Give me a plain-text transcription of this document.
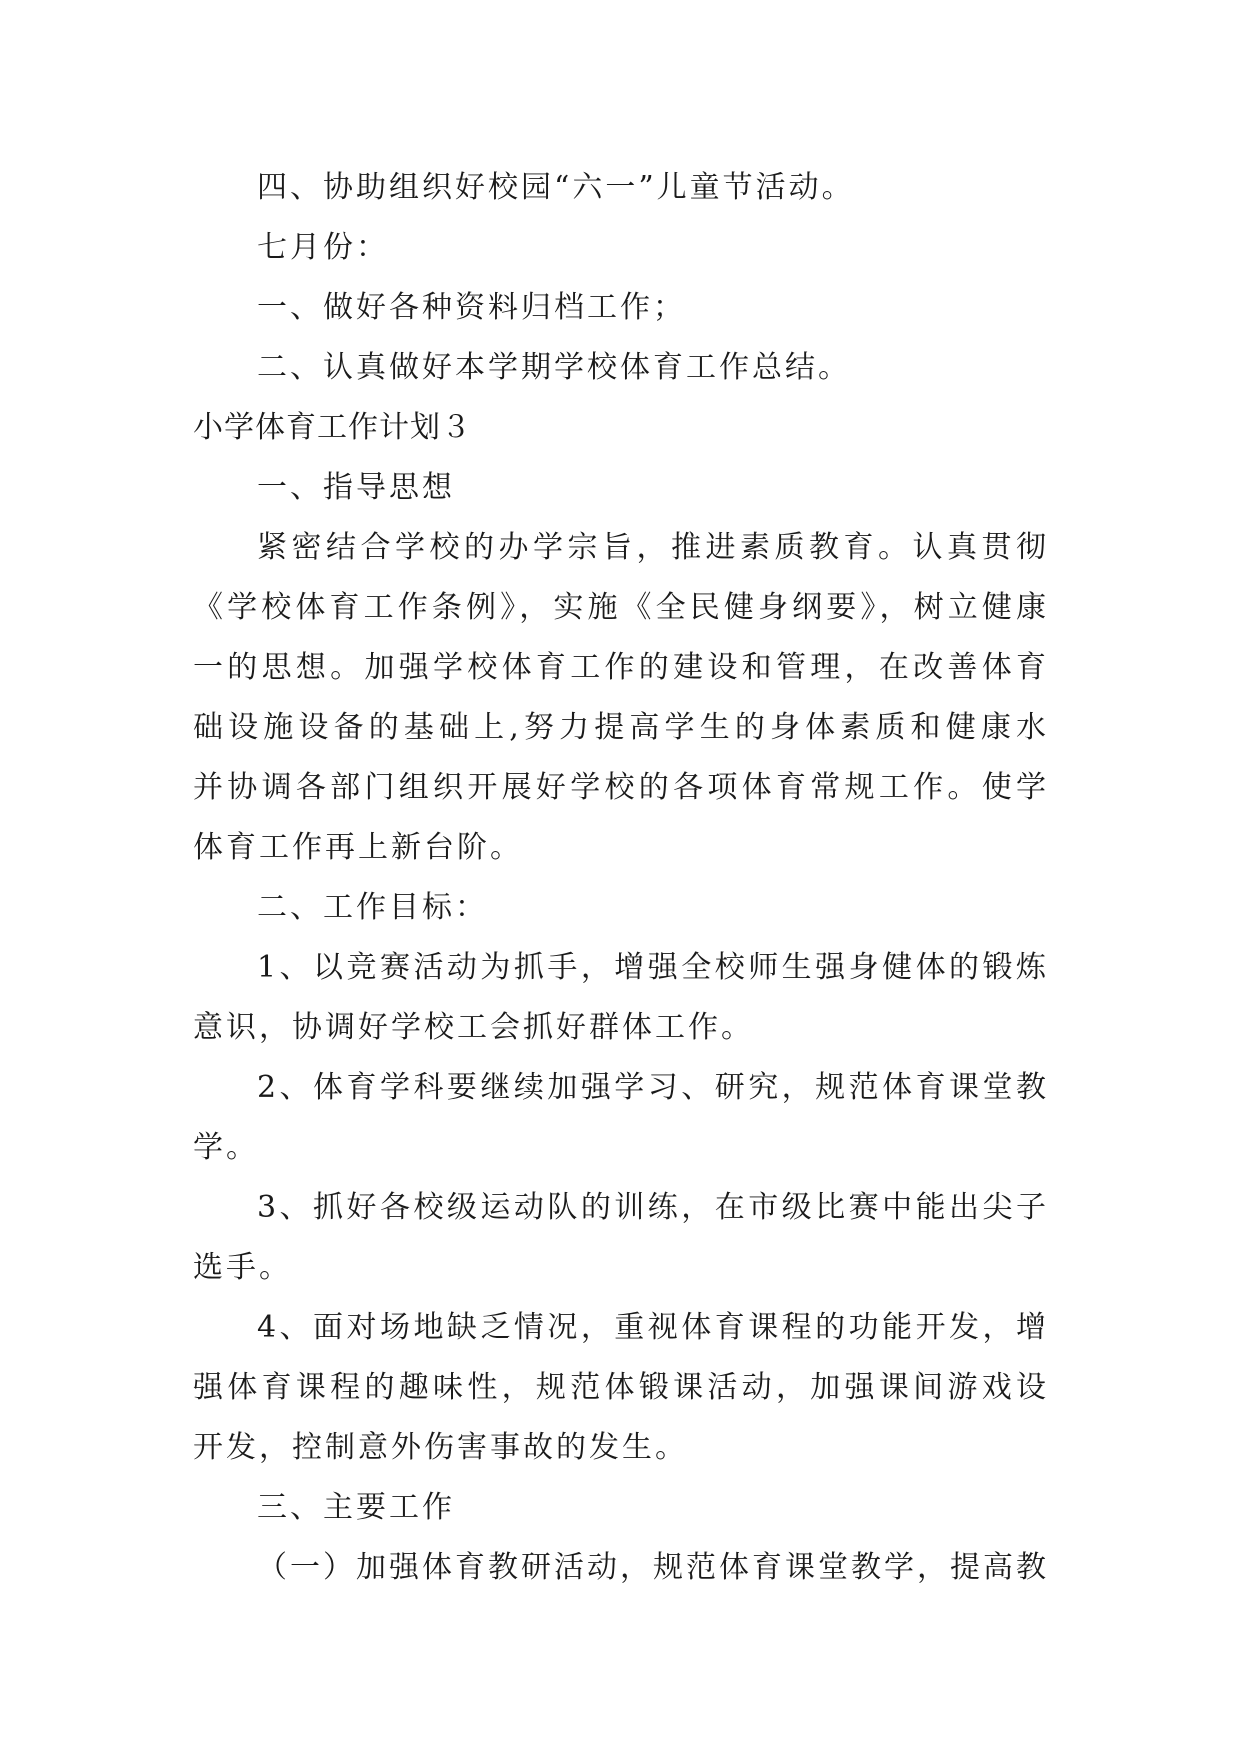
四、协助组织好校园“六一”儿童节活动。

七月份：

一、做好各种资料归档工作；

二、认真做好本学期学校体育工作总结。

小学体育工作计划３

一、指导思想

紧密结合学校的办学宗旨，推进素质教育。认真贯彻

《学校体育工作条例》，实施《全民健身纲要》，树立健康

一的思想。加强学校体育工作的建设和管理，在改善体育

础设施设备的基础上,努力提高学生的身体素质和健康水

并协调各部门组织开展好学校的各项体育常规工作。使学

体育工作再上新台阶。

二、工作目标：

1、以竞赛活动为抓手，增强全校师生强身健体的锻炼

意识，协调好学校工会抓好群体工作。

2、体育学科要继续加强学习、研究，规范体育课堂教

学。

3、抓好各校级运动队的训练，在市级比赛中能出尖子

选手。

4、面对场地缺乏情况，重视体育课程的功能开发，增

强体育课程的趣味性，规范体锻课活动，加强课间游戏设

开发，控制意外伤害事故的发生。

三、主要工作

（一）加强体育教研活动，规范体育课堂教学，提高教
